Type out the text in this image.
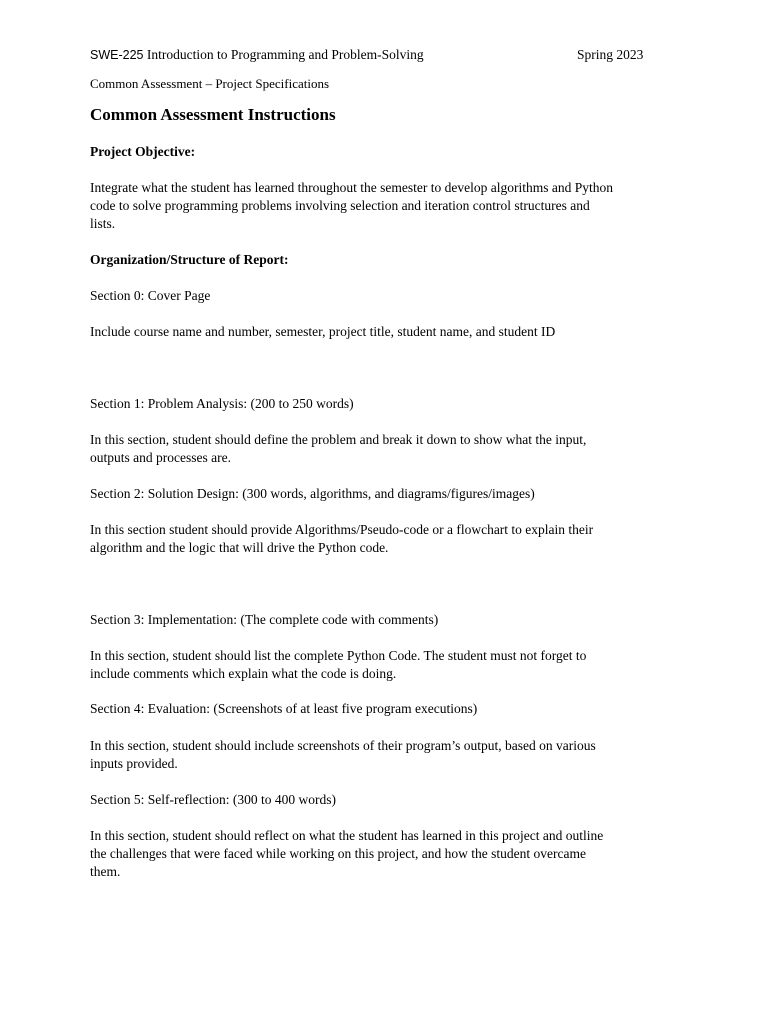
SWE-225 Introduction to Programming and Problem-Solving	Spring 2023
Common Assessment – Project Specifications
Common Assessment Instructions
Project Objective:
Integrate what the student has learned throughout the semester to develop algorithms and Python
code to solve programming problems involving selection and iteration control structures and
lists.
Organization/Structure of Report:
Section 0: Cover Page
Include course name and number, semester, project title, student name, and student ID
Section 1: Problem Analysis: (200 to 250 words)
In this section, student should define the problem and break it down to show what the input,
outputs and processes are.
Section 2: Solution Design: (300 words, algorithms, and diagrams/figures/images)
In this section student should provide Algorithms/Pseudo-code or a flowchart to explain their
algorithm and the logic that will drive the Python code.
Section 3: Implementation: (The complete code with comments)
In this section, student should list the complete Python Code. The student must not forget to
include comments which explain what the code is doing.
Section 4: Evaluation: (Screenshots of at least five program executions)
In this section, student should include screenshots of their program’s output, based on various
inputs provided.
Section 5: Self-reflection: (300 to 400 words)
In this section, student should reflect on what the student has learned in this project and outline
the challenges that were faced while working on this project, and how the student overcame
them.
